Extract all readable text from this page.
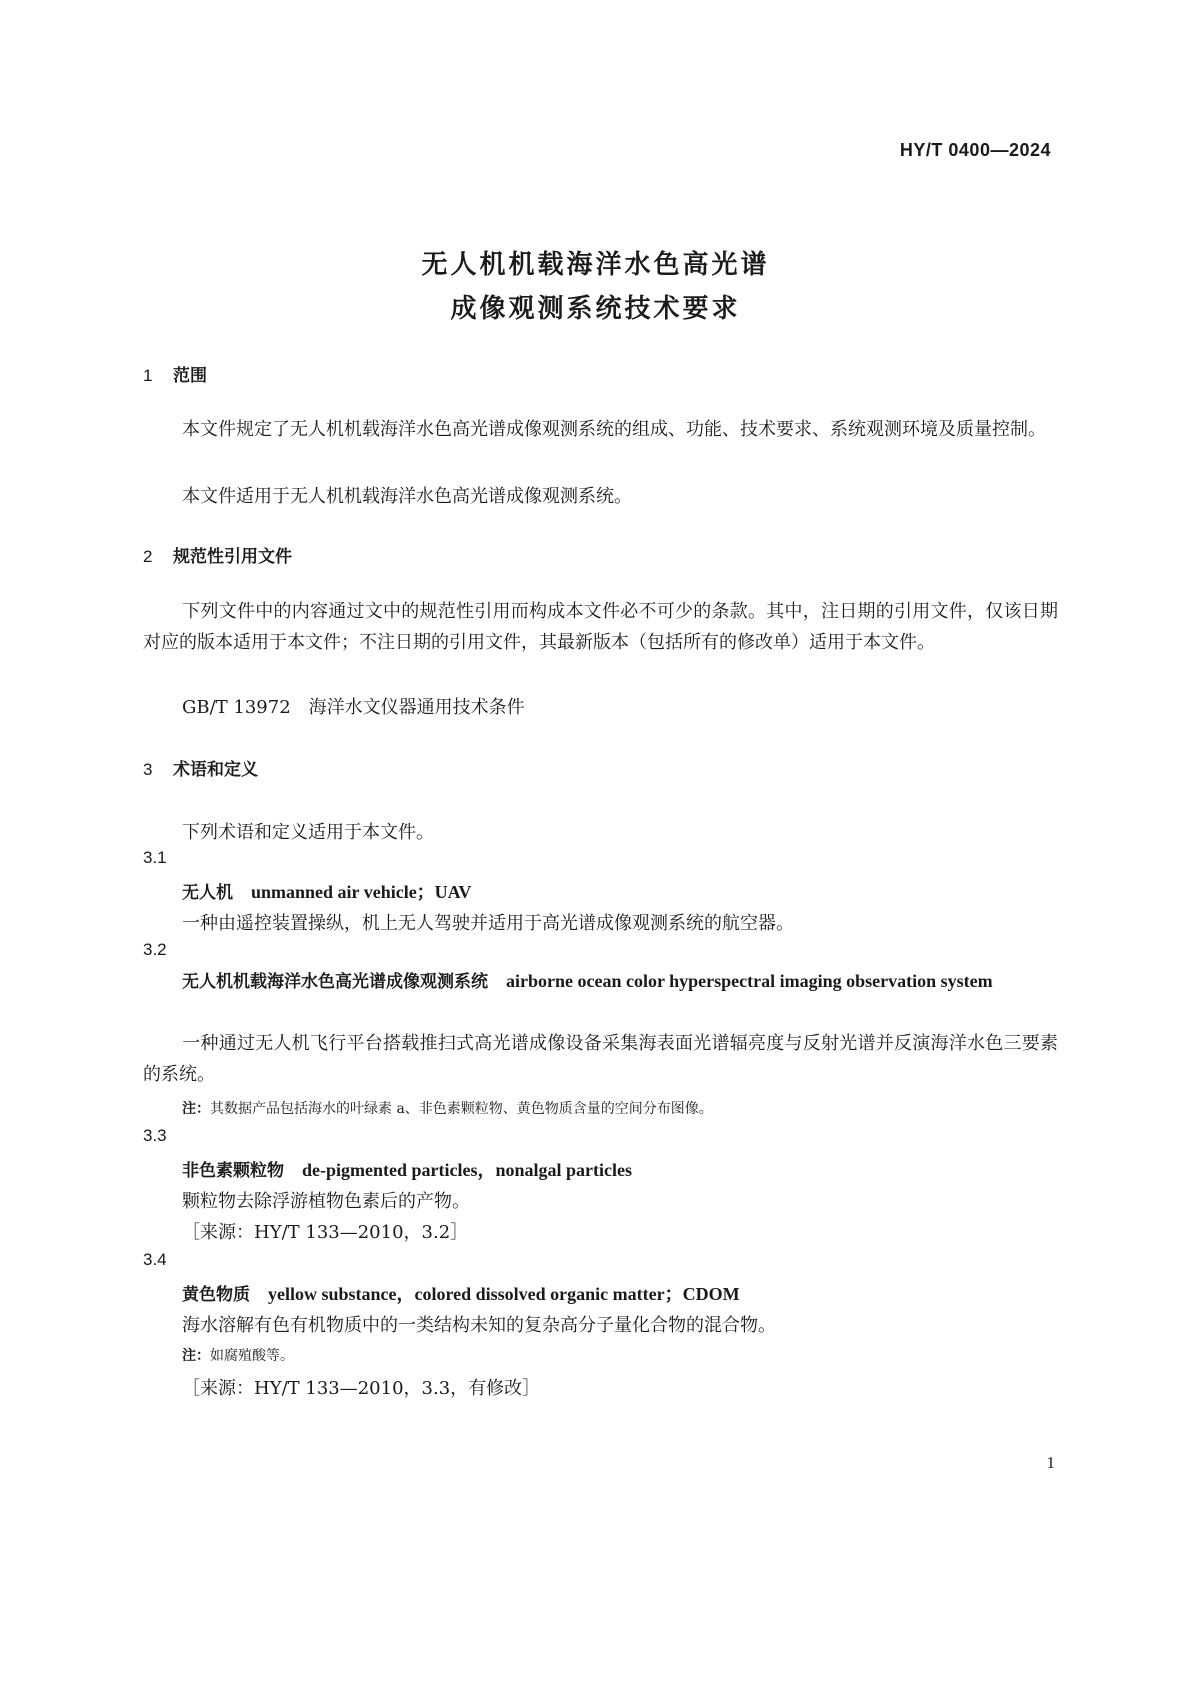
HY/T 0400—2024
无人机机载海洋水色高光谱
成像观测系统技术要求
1 范围
本文件规定了无人机机载海洋水色高光谱成像观测系统的组成、功能、技术要求、系统观测环境及质量控制。
本文件适用于无人机机载海洋水色高光谱成像观测系统。
2 规范性引用文件
下列文件中的内容通过文中的规范性引用而构成本文件必不可少的条款。其中，注日期的引用文件，仅该日期对应的版本适用于本文件；不注日期的引用文件，其最新版本（包括所有的修改单）适用于本文件。
GB/T 13972　海洋水文仪器通用技术条件
3 术语和定义
下列术语和定义适用于本文件。
3.1
无人机 unmanned air vehicle；UAV
一种由遥控装置操纵，机上无人驾驶并适用于高光谱成像观测系统的航空器。
3.2
无人机机载海洋水色高光谱成像观测系统 airborne ocean color hyperspectral imaging observation system
一种通过无人机飞行平台搭载推扫式高光谱成像设备采集海表面光谱辐亮度与反射光谱并反演海洋水色三要素的系统。
注：其数据产品包括海水的叶绿素 a、非色素颗粒物、黄色物质含量的空间分布图像。
3.3
非色素颗粒物 de-pigmented particles，nonalgal particles
颗粒物去除浮游植物色素后的产物。
［来源：HY/T 133—2010，3.2］
3.4
黄色物质 yellow substance，colored dissolved organic matter；CDOM
海水溶解有色有机物质中的一类结构未知的复杂高分子量化合物的混合物。
注：如腐殖酸等。
［来源：HY/T 133—2010，3.3，有修改］
1
